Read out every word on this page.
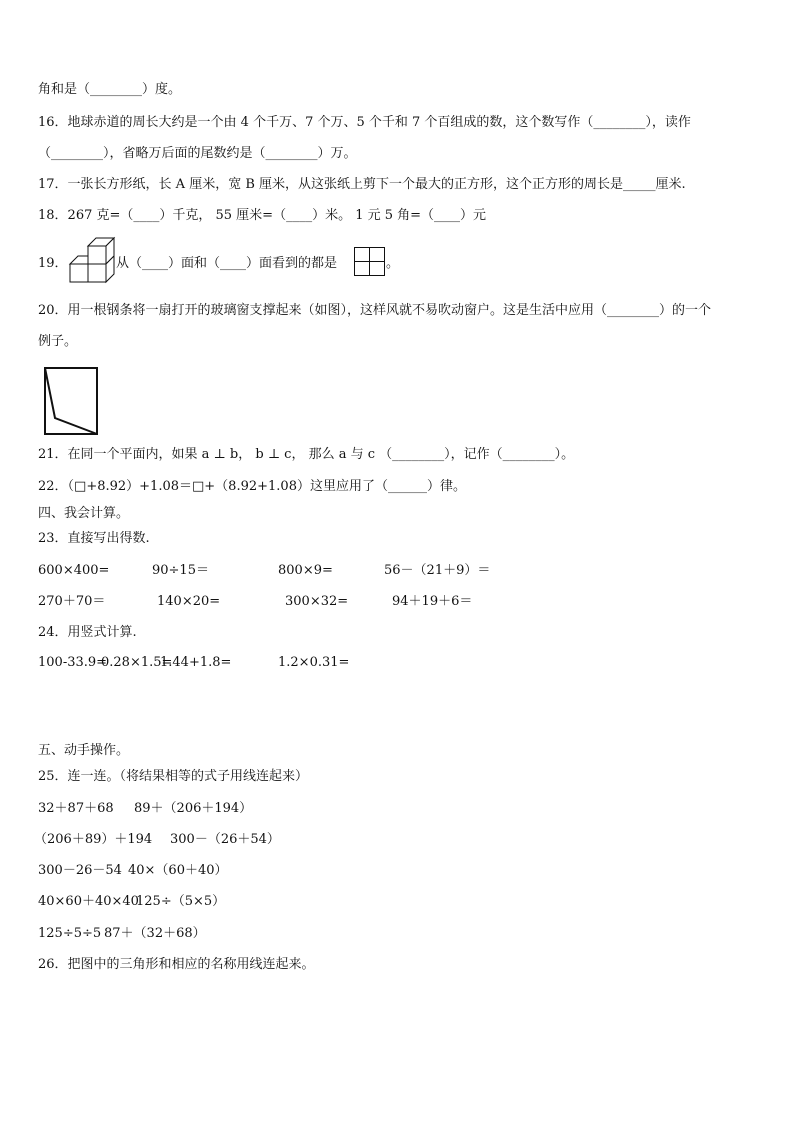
角和是（________）度。
16．地球赤道的周长大约是一个由 4 个千万、7 个万、5 个千和 7 个百组成的数，这个数写作（________），读作
（________），省略万后面的尾数约是（________）万。
17．一张长方形纸，长 A 厘米，宽 B 厘米，从这张纸上剪下一个最大的正方形，这个正方形的周长是_____厘米.
18．267 克=（____）千克， 55 厘米=（____）米。 1 元 5 角=（____）元
19．	从（____）面和（____）面看到的都是	。
20．用一根钢条将一扇打开的玻璃窗支撑起来（如图），这样风就不易吹动窗户。这是生活中应用（________）的一个
例子。
21．在同一个平面内，如果 a ⊥ b， b ⊥ c， 那么 a 与 c （________），记作（________）。
22．（□+8.92）+1.08＝□+（8.92+1.08）这里应用了（______）律。
四、我会计算。
23．直接写出得数.
600×400=	90÷15＝	800×9=	56－（21＋9）＝
270＋70＝	140×20=	300×32=	94＋19＋6＝
24．用竖式计算.
100-33.9=
0.28×1.5=
1.44+1.8=	1.2×0.31=
五、动手操作。
25．连一连。（将结果相等的式子用线连起来）
32＋87＋68 89＋（206＋194）
（206＋89）＋194 300－（26＋54）
300－26－54 40×（60＋40）
40×60＋40×40
125÷（5×5）
125÷5÷5 87＋（32＋68）
26．把图中的三角形和相应的名称用线连起来。
